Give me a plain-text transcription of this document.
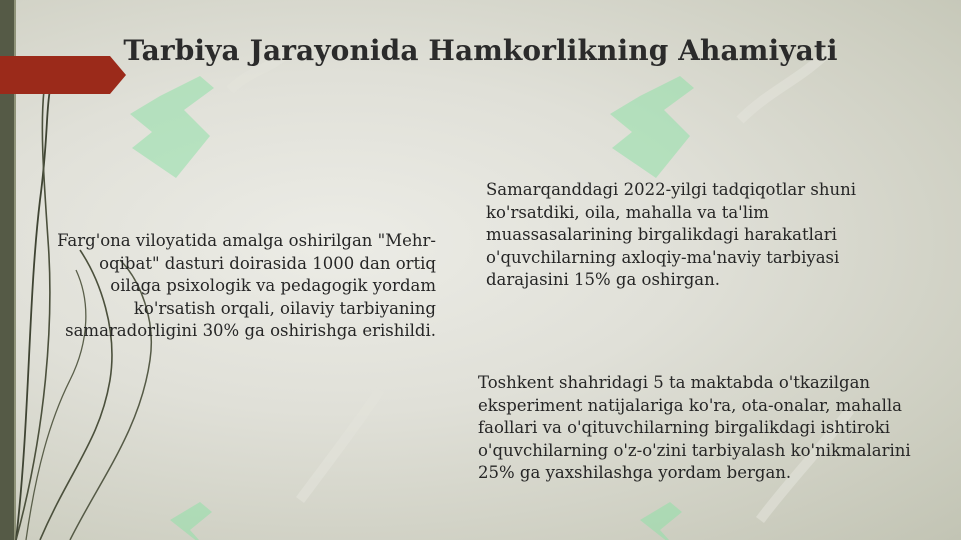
Tarbiya Jarayonida Hamkorlikning Ahamiyati
Farg'ona viloyatida amalga oshirilgan "Mehr-
oqibat" dasturi doirasida 1000 dan ortiq
oilaga psixologik va pedagogik yordam
ko'rsatish orqali, oilaviy tarbiyaning
samaradorligini 30% ga oshirishga erishildi.
Samarqanddagi 2022-yilgi tadqiqotlar shuni
ko'rsatdiki, oila, mahalla va ta'lim
muassasalarining birgalikdagi harakatlari
o'quvchilarning axloqiy-ma'naviy tarbiyasi
darajasini 15% ga oshirgan.
Toshkent shahridagi 5 ta maktabda o'tkazilgan
eksperiment natijalariga ko'ra, ota-onalar, mahalla
faollari va o'qituvchilarning birgalikdagi ishtiroki
o'quvchilarning o'z-o'zini tarbiyalash ko'nikmalarini
25% ga yaxshilashga yordam bergan.
